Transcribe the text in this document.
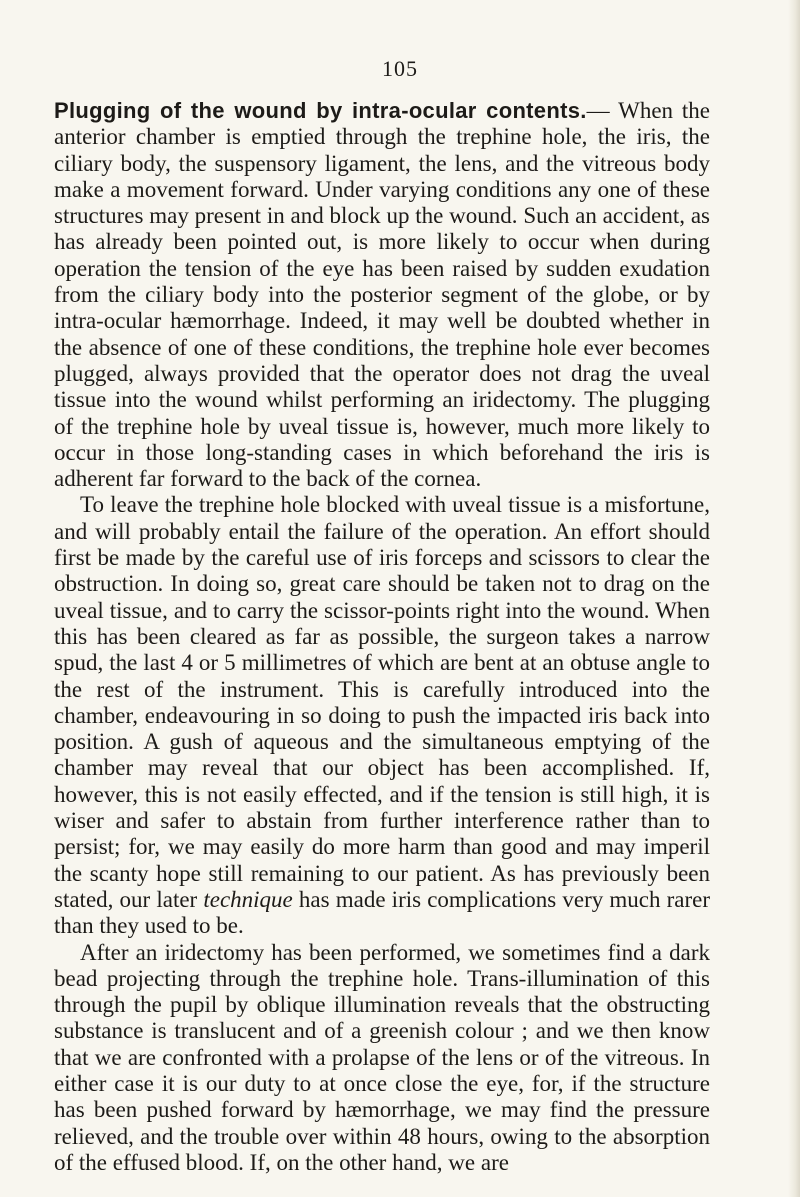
105

Plugging of the wound by intra-ocular contents.— When the anterior chamber is emptied through the trephine hole, the iris, the ciliary body, the suspensory ligament, the lens, and the vitreous body make a movement forward. Under varying conditions any one of these structures may present in and block up the wound. Such an accident, as has already been pointed out, is more likely to occur when during operation the tension of the eye has been raised by sudden exudation from the ciliary body into the posterior segment of the globe, or by intra-ocular hæmorrhage. Indeed, it may well be doubted whether in the absence of one of these conditions, the trephine hole ever becomes plugged, always provided that the operator does not drag the uveal tissue into the wound whilst performing an iridectomy. The plugging of the trephine hole by uveal tissue is, however, much more likely to occur in those long-standing cases in which beforehand the iris is adherent far forward to the back of the cornea.

To leave the trephine hole blocked with uveal tissue is a misfortune, and will probably entail the failure of the operation. An effort should first be made by the careful use of iris forceps and scissors to clear the obstruction. In doing so, great care should be taken not to drag on the uveal tissue, and to carry the scissor-points right into the wound. When this has been cleared as far as possible, the surgeon takes a narrow spud, the last 4 or 5 millimetres of which are bent at an obtuse angle to the rest of the instrument. This is carefully introduced into the chamber, endeavouring in so doing to push the impacted iris back into position. A gush of aqueous and the simultaneous emptying of the chamber may reveal that our object has been accomplished. If, however, this is not easily effected, and if the tension is still high, it is wiser and safer to abstain from further interference rather than to persist; for, we may easily do more harm than good and may imperil the scanty hope still remaining to our patient. As has previously been stated, our later technique has made iris complications very much rarer than they used to be.

After an iridectomy has been performed, we sometimes find a dark bead projecting through the trephine hole. Trans-illumination of this through the pupil by oblique illumination reveals that the obstructing substance is translucent and of a greenish colour ; and we then know that we are confronted with a prolapse of the lens or of the vitreous. In either case it is our duty to at once close the eye, for, if the structure has been pushed forward by hæmorrhage, we may find the pressure relieved, and the trouble over within 48 hours, owing to the absorption of the effused blood. If, on the other hand, we are
